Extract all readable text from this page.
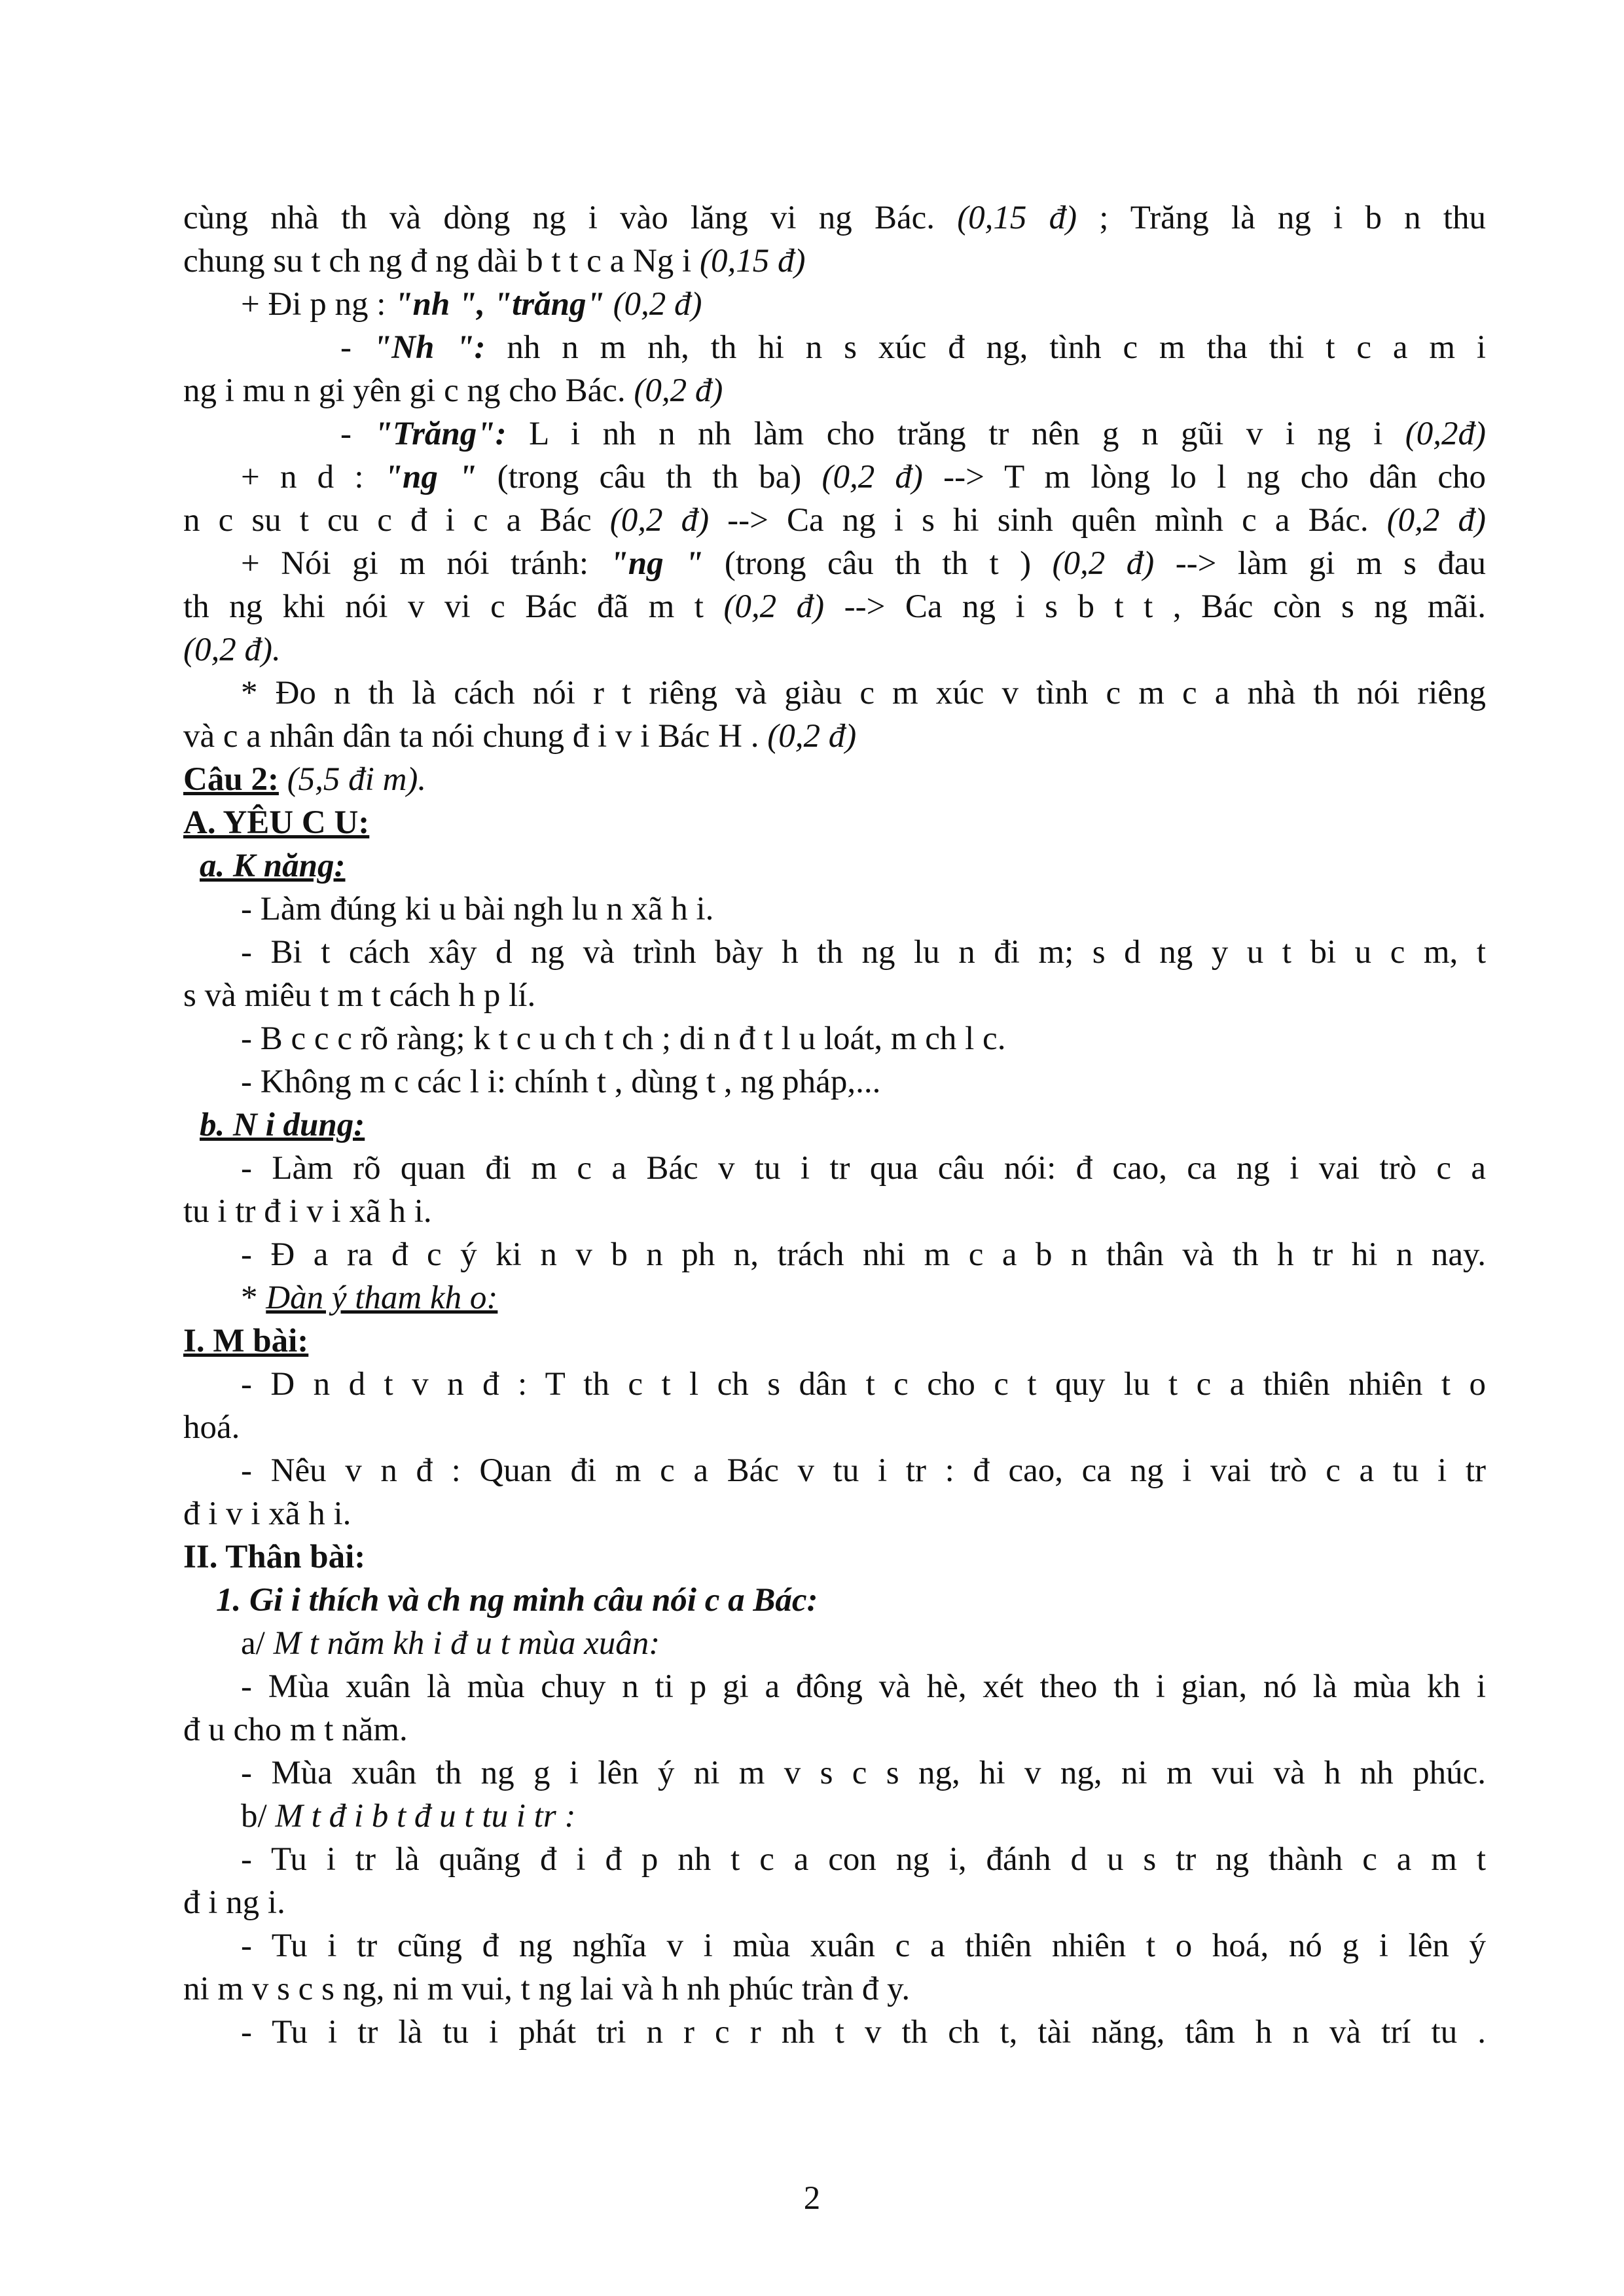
cùng nhà th và dòng ng i vào lăng vi ng Bác. (0,15 đ) ; Trăng là ng i b n thu
chung su t ch ng đ ng dài b t t c a Ng i (0,15 đ)
+ Đi p ng : "nh ", "trăng" (0,2 đ)
- "Nh ": nh n m nh, th hi n s xúc đ ng, tình c m tha thi t c a m i
ng i mu n gi yên gi c ng cho Bác. (0,2 đ)
- "Trăng": L i nh n nh làm cho trăng tr nên g n gũi v i ng i (0,2đ)
+ n d : "ng " (trong câu th th ba) (0,2 đ) --> T m lòng lo l ng cho dân cho
n c su t cu c đ i c a Bác (0,2 đ) --> Ca ng i s hi sinh quên mình c a Bác. (0,2 đ)
+ Nói gi m nói tránh: "ng " (trong câu th th t ) (0,2 đ) --> làm gi m s đau
th ng khi nói v vi c Bác đã m t (0,2 đ) --> Ca ng i s b t t , Bác còn s ng mãi.
(0,2 đ).
* Đo n th là cách nói r t riêng và giàu c m xúc v tình c m c a nhà th nói riêng
và c a nhân dân ta nói chung đ i v i Bác H . (0,2 đ)
Câu 2: (5,5 đi m).
A. YÊU C U:
a. K năng:
- Làm đúng ki u bài ngh lu n xã h i.
- Bi t cách xây d ng và trình bày h th ng lu n đi m; s d ng y u t bi u c m, t
s và miêu t m t cách h p lí.
- B c c c rõ ràng; k t c u ch t ch ; di n đ t l u loát, m ch l c.
- Không m c các l i: chính t , dùng t , ng pháp,...
b. N i dung:
- Làm rõ quan đi m c a Bác v tu i tr qua câu nói: đ cao, ca ng i vai trò c a
tu i tr đ i v i xã h i.
- Đ a ra đ c ý ki n v b n ph n, trách nhi m c a b n thân và th h tr hi n nay.
* Dàn ý tham kh o:
I. M bài:
- D n d t v n đ : T th c t l ch s dân t c cho c t quy lu t c a thiên nhiên t o
hoá.
- Nêu v n đ : Quan đi m c a Bác v tu i tr : đ cao, ca ng i vai trò c a tu i tr
đ i v i xã h i.
II. Thân bài:
1. Gi i thích và ch ng minh câu nói c a Bác:
a/ M t năm kh i đ u t mùa xuân:
- Mùa xuân là mùa chuy n ti p gi a đông và hè, xét theo th i gian, nó là mùa kh i
đ u cho m t năm.
- Mùa xuân th ng g i lên ý ni m v s c s ng, hi v ng, ni m vui và h nh phúc.
b/ M t đ i b t đ u t tu i tr :
- Tu i tr là quãng đ i đ p nh t c a con ng i, đánh d u s tr ng thành c a m t
đ i ng i.
- Tu i tr cũng đ ng nghĩa v i mùa xuân c a thiên nhiên t o hoá, nó g i lên ý
ni m v s c s ng, ni m vui, t ng lai và h nh phúc tràn đ y.
- Tu i tr là tu i phát tri n r c r nh t v th ch t, tài năng, tâm h n và trí tu .
2
